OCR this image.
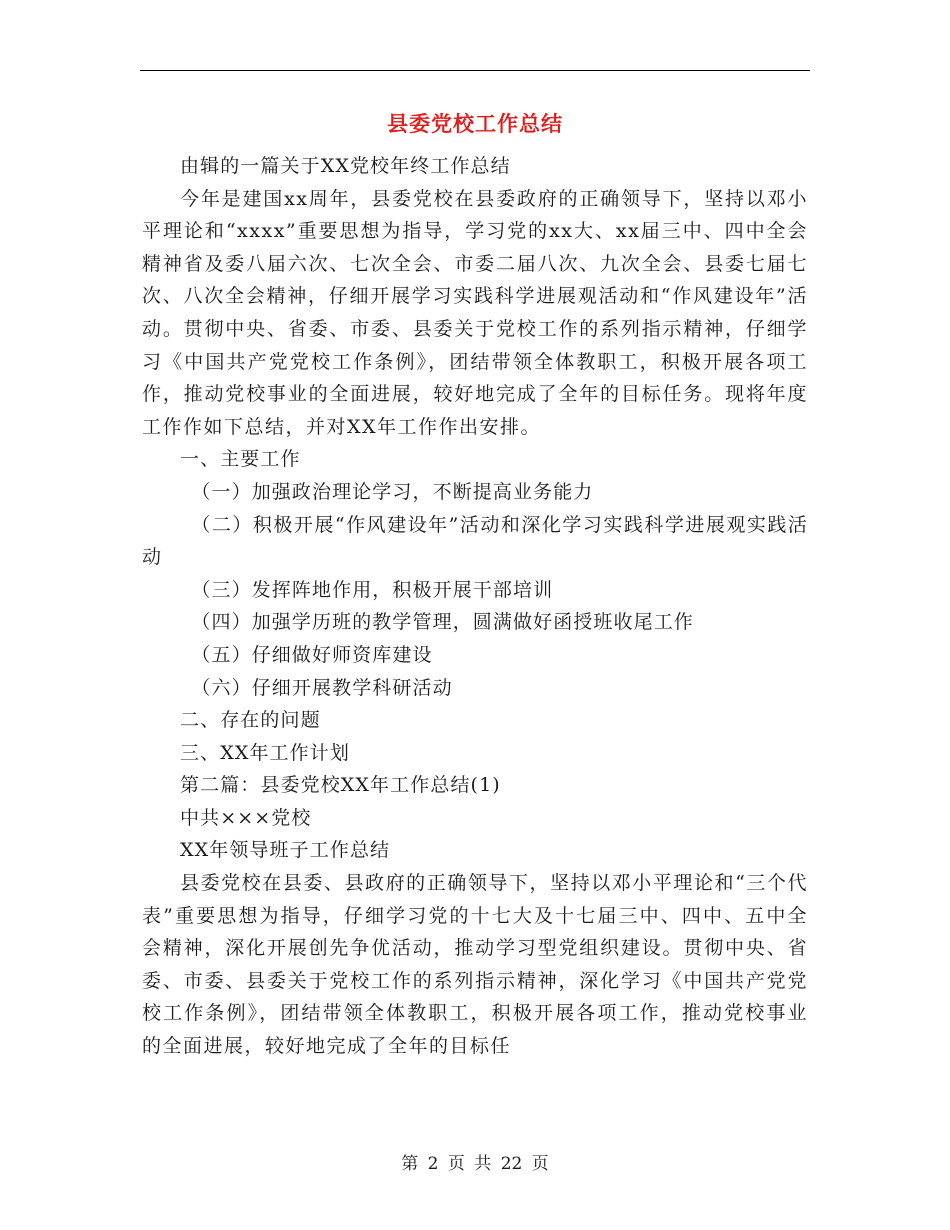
县委党校工作总结

由辑的一篇关于XX党校年终工作总结

今年是建国xx周年，县委党校在县委政府的正确领导下，坚持以邓小平理论和“xxxx”重要思想为指导，学习党的xx大、xx届三中、四中全会精神省及委八届六次、七次全会、市委二届八次、九次全会、县委七届七次、八次全会精神，仔细开展学习实践科学进展观活动和“作风建设年”活动。贯彻中央、省委、市委、县委关于党校工作的系列指示精神，仔细学习《中国共产党党校工作条例》，团结带领全体教职工，积极开展各项工作，推动党校事业的全面进展，较好地完成了全年的目标任务。现将年度工作作如下总结，并对XX年工作作出安排。

一、主要工作

（一）加强政治理论学习，不断提高业务能力

（二）积极开展“作风建设年”活动和深化学习实践科学进展观实践活动

（三）发挥阵地作用，积极开展干部培训

（四）加强学历班的教学管理，圆满做好函授班收尾工作

（五）仔细做好师资库建设

（六）仔细开展教学科研活动

二、存在的问题

三、XX年工作计划

第二篇：县委党校XX年工作总结(1)

中共×××党校

XX年领导班子工作总结

县委党校在县委、县政府的正确领导下，坚持以邓小平理论和“三个代表”重要思想为指导，仔细学习党的十七大及十七届三中、四中、五中全会精神，深化开展创先争优活动，推动学习型党组织建设。贯彻中央、省委、市委、县委关于党校工作的系列指示精神，深化学习《中国共产党党校工作条例》，团结带领全体教职工，积极开展各项工作，推动党校事业的全面进展，较好地完成了全年的目标任

第 2 页 共 22 页
